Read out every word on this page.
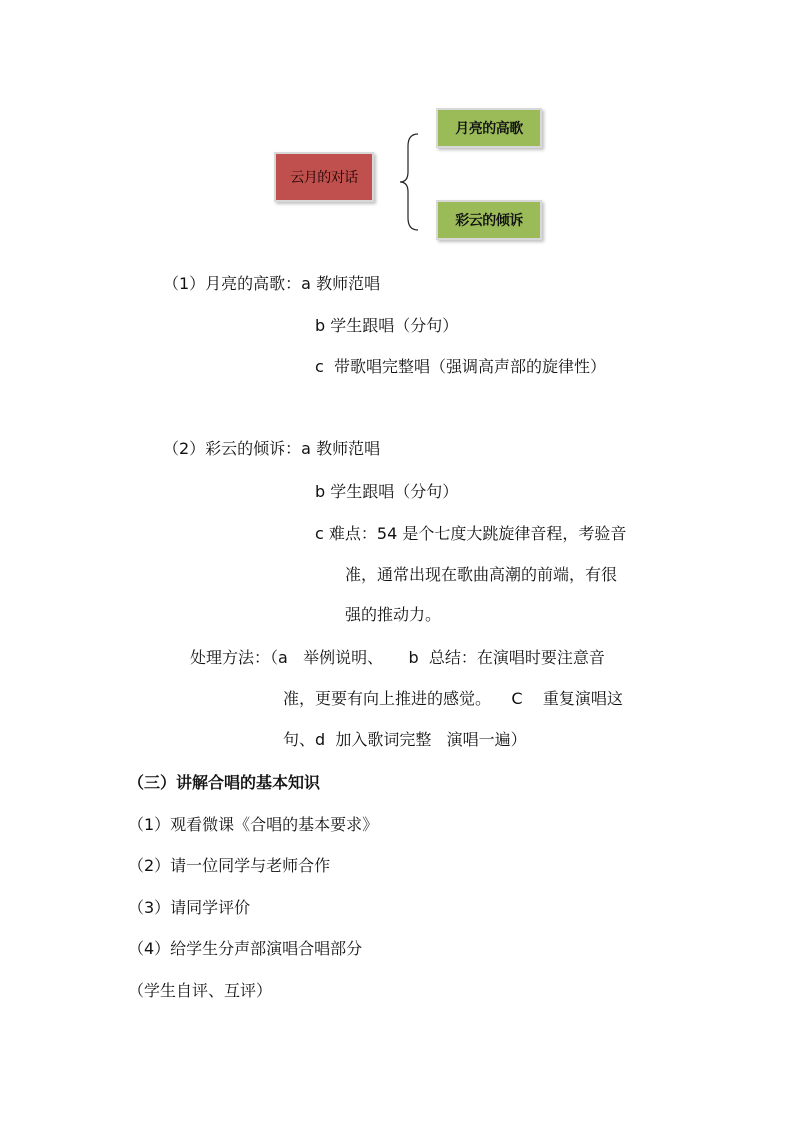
云月的对话
月亮的高歌
彩云的倾诉
（1）月亮的高歌：a 教师范唱
b 学生跟唱（分句）
c  带歌唱完整唱（强调高声部的旋律性）
（2）彩云的倾诉：a 教师范唱
b 学生跟唱（分句）
c 难点：54 是个七度大跳旋律音程，考验音
准，通常出现在歌曲高潮的前端，有很
强的推动力。
处理方法：（a   举例说明、     b  总结：在演唱时要注意音
准，更要有向上推进的感觉。    C    重复演唱这
句、d  加入歌词完整   演唱一遍）
（三）讲解合唱的基本知识
（1）观看微课《合唱的基本要求》
（2）请一位同学与老师合作
（3）请同学评价
（4）给学生分声部演唱合唱部分
（学生自评、互评）
